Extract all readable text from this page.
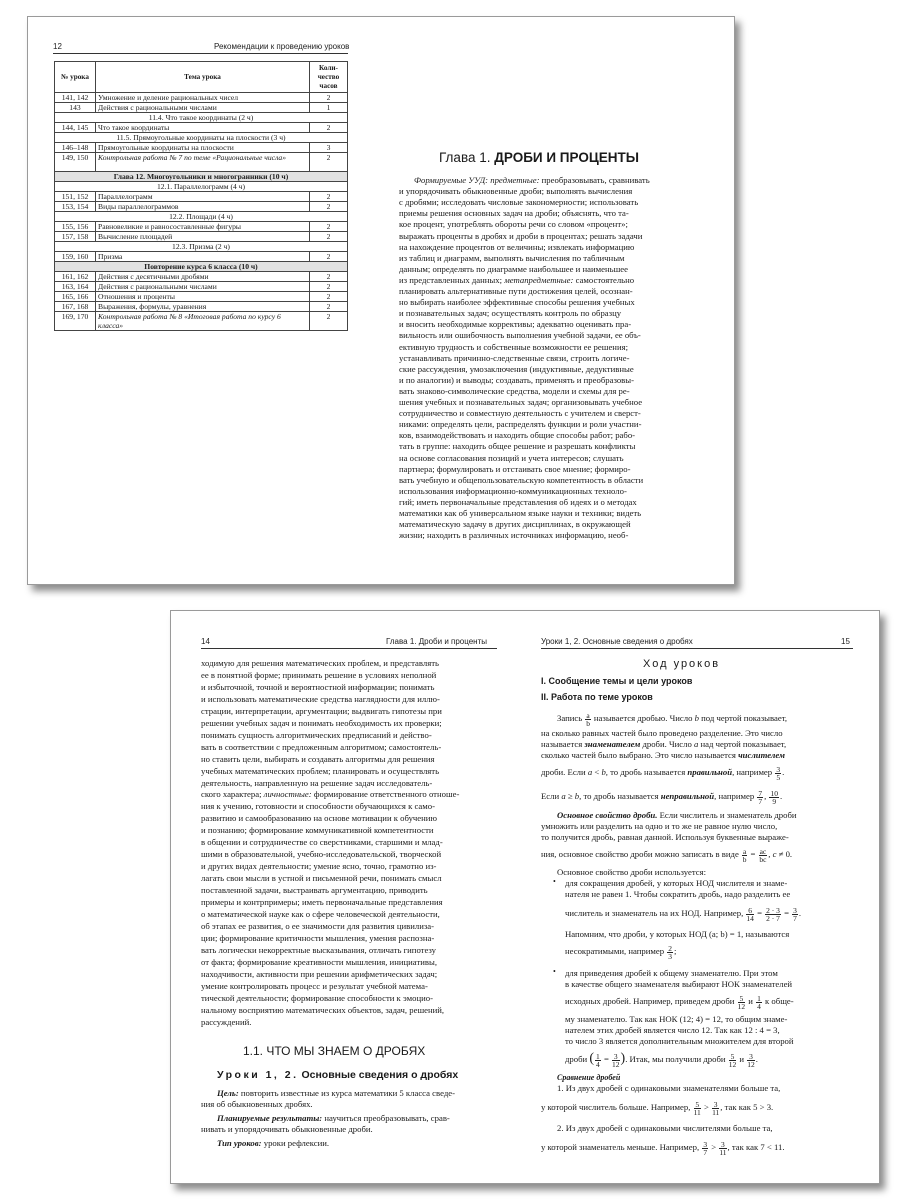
12	Рекомендации к проведению уроков
№ урока	Тема урока	Коли-
чество
часов
141, 142	Умножение и деление рациональных чисел	2
143	Действия с рациональными числами	1
11.4. Что такое координаты (2 ч)		
144, 145	Что такое координаты	2
11.5. Прямоугольные координаты на плоскости (3 ч)		
146–148	Прямоугольные координаты на плоскости	3
149, 150	Контрольная работа № 7 по теме «Рациональные числа»	2
Глава 12. Многоугольники и многогранники (10 ч)		
12.1. Параллелограмм (4 ч)		
151, 152	Параллелограмм	2
153, 154	Виды параллелограммов	2
12.2. Площади (4 ч)		
155, 156	Равновеликие и равносоставленные фигуры	2
157, 158	Вычисление площадей	2
12.3. Призма (2 ч)		
159, 160	Призма	2
Повторение курса 6 класса (10 ч)		
161, 162	Действия с десятичными дробями	2
163, 164	Действия с рациональными числами	2
165, 166	Отношения и проценты	2
167, 168	Выражения, формулы, уравнения	2
169, 170	Контрольная работа № 8 «Итоговая работа по курсу 6 класса»	2
Глава 1. ДРОБИ И ПРОЦЕНТЫ
Формируемые УУД: предметные: преобразовывать, сравнивать
и упорядочивать обыкновенные дроби; выполнять вычисления
с дробями; исследовать числовые закономерности; использовать
приемы решения основных задач на дроби; объяснять, что та-
кое процент, употреблять обороты речи со словом «процент»;
выражать проценты в дробях и дроби в процентах; решать задачи
на нахождение процентов от величины; извлекать информацию
из таблиц и диаграмм, выполнять вычисления по табличным
данным; определять по диаграмме наибольшее и наименьшее
из представленных данных; метапредметные: самостоятельно
планировать альтернативные пути достижения целей, осознан-
но выбирать наиболее эффективные способы решения учебных
и познавательных задач; осуществлять контроль по образцу
и вносить необходимые коррективы; адекватно оценивать пра-
вильность или ошибочность выполнения учебной задачи, ее объ-
ективную трудность и собственные возможности ее решения;
устанавливать причинно-следственные связи, строить логиче-
ские рассуждения, умозаключения (индуктивные, дедуктивные
и по аналогии) и выводы; создавать, применять и преобразовы-
вать знаково-символические средства, модели и схемы для ре-
шения учебных и познавательных задач; организовывать учебное
сотрудничество и совместную деятельность с учителем и сверст-
никами: определять цели, распределять функции и роли участни-
ков, взаимодействовать и находить общие способы работ; рабо-
тать в группе: находить общее решение и разрешать конфликты
на основе согласования позиций и учета интересов; слушать
партнера; формулировать и отстаивать свое мнение; формиро-
вать учебную и общепользовательскую компетентность в области
использования информационно-коммуникационных техноло-
гий; иметь первоначальные представления об идеях и о методах
математики как об универсальном языке науки и техники; видеть
математическую задачу в других дисциплинах, в окружающей
жизни; находить в различных источниках информацию, необ-
14	Глава 1. Дроби и проценты
ходимую для решения математических проблем, и представлять
ее в понятной форме; принимать решение в условиях неполной
и избыточной, точной и вероятностной информации; понимать
и использовать математические средства наглядности для иллю-
страции, интерпретации, аргументации; выдвигать гипотезы при
решении учебных задач и понимать необходимость их проверки;
понимать сущность алгоритмических предписаний и действо-
вать в соответствии с предложенным алгоритмом; самостоятель-
но ставить цели, выбирать и создавать алгоритмы для решения
учебных математических проблем; планировать и осуществлять
деятельность, направленную на решение задач исследователь-
ского характера; личностные: формирование ответственного отноше-
ния к учению, готовности и способности обучающихся к само-
развитию и самообразованию на основе мотивации к обучению
и познанию; формирование коммуникативной компетентности
в общении и сотрудничестве со сверстниками, старшими и млад-
шими в образовательной, учебно-исследовательской, творческой
и других видах деятельности; умение ясно, точно, грамотно из-
лагать свои мысли в устной и письменной речи, понимать смысл
поставленной задачи, выстраивать аргументацию, приводить
примеры и контрпримеры; иметь первоначальные представления
о математической науке как о сфере человеческой деятельности,
об этапах ее развития, о ее значимости для развития цивилиза-
ции; формирование критичности мышления, умения распозна-
вать логически некорректные высказывания, отличать гипотезу
от факта; формирование креативности мышления, инициативы,
находчивости, активности при решении арифметических задач;
умение контролировать процесс и результат учебной матема-
тической деятельности; формирование способности к эмоцио-
нальному восприятию математических объектов, задач, решений,
рассуждений.
1.1. ЧТО МЫ ЗНАЕМ О ДРОБЯХ
Уроки 1, 2. Основные сведения о дробях
Цель: повторить известные из курса математики 5 класса сведе-
ния об обыкновенных дробях.
Планируемые результаты: научиться преобразовывать, срав-
нивать и упорядочивать обыкновенные дроби.
Тип уроков: уроки рефлексии.
Уроки 1, 2. Основные сведения о дробях	15
Ход уроков
I. Сообщение темы и цели уроков
II. Работа по теме уроков
Запись $\frac{a}{b}$ называется дробью. Число b под чертой показывает,
на сколько равных частей было проведено разделение. Это число
называется знаменателем дроби. Число a над чертой показывает,
сколько частей было выбрано. Это число называется числителем
дроби. Если a < b, то дробь называется правильной, например $\frac{3}{5}$ .
Если a ≥ b, то дробь называется неправильной, например $\frac{7}{7}$ , $\frac{10}{9}$ .
Основное свойство дроби. Если числитель и знаменатель дроби
умножить или разделить на одно и то же не равное нулю число,
то получится дробь, равная данной. Используя буквенные выраже-
ния, основное свойство дроби можно записать в виде $\frac{a}{b} = \frac{ac}{bc}$ , c ≠ 0.
Основное свойство дроби используется:
• для сокращения дробей, у которых НОД числителя и знаме-
нателя не равен 1. Чтобы сократить дробь, надо разделить ее
числитель и знаменатель на их НОД. Например, $\frac{6}{14} = \frac{2 \cdot 3}{2 \cdot 7} = \frac{3}{7}$ .
Напомним, что дроби, у которых НОД (a; b) = 1, называются
несократимыми, например $\frac{2}{3}$ ;
• для приведения дробей к общему знаменателю. При этом
в качестве общего знаменателя выбирают НОК знаменателей
исходных дробей. Например, приведем дроби $\frac{5}{12}$ и $\frac{1}{4}$ к обще-
му знаменателю. Так как НОК (12; 4) = 12, то общим знаме-
нателем этих дробей является число 12. Так как 12 : 4 = 3,
то число 3 является дополнительным множителем для второй
дроби ( $\frac{1}{4} = \frac{3}{12}$ ). Итак, мы получили дроби $\frac{5}{12}$ и $\frac{3}{12}$ .
Сравнение дробей
1. Из двух дробей с одинаковыми знаменателями больше та,
у которой числитель больше. Например, $\frac{5}{11} > \frac{3}{11}$ , так как 5 > 3.
2. Из двух дробей с одинаковыми числителями больше та,
у которой знаменатель меньше. Например, $\frac{3}{7} > \frac{3}{11}$ , так как 7 < 11.
